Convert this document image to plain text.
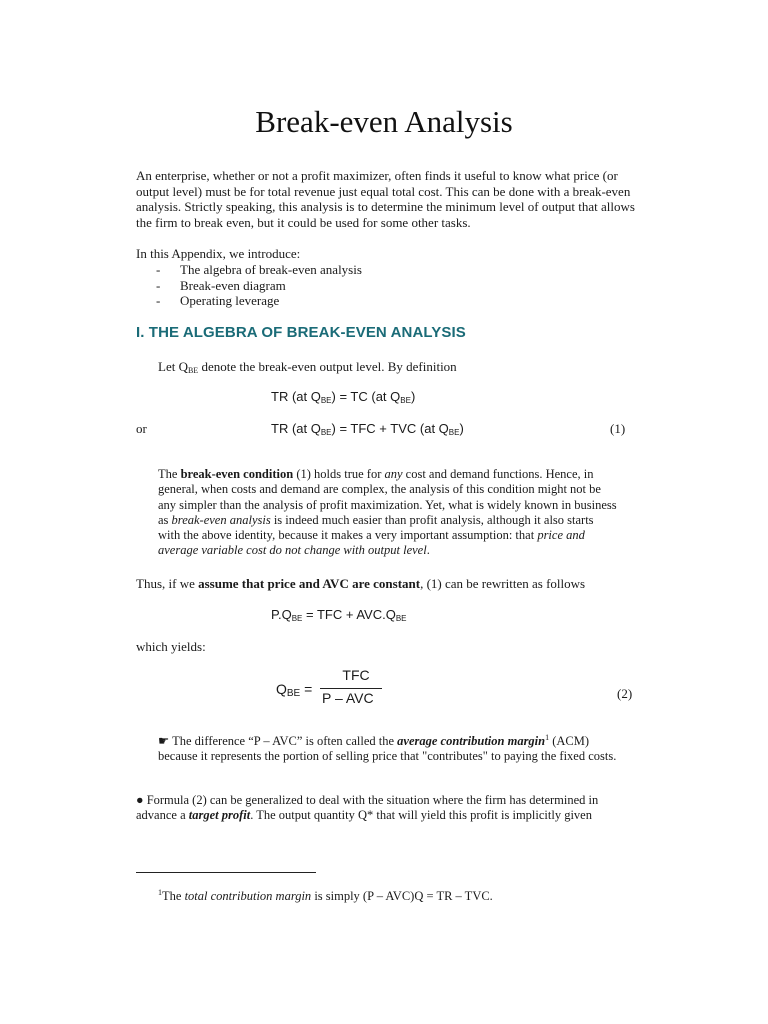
Break-even Analysis
An enterprise, whether or not a profit maximizer, often finds it useful to know what price (or output level) must be for total revenue just equal total cost. This can be done with a break-even analysis. Strictly speaking, this analysis is to determine the minimum level of output that allows the firm to break even, but it could be used for some other tasks.
In this Appendix, we introduce:
- The algebra of break-even analysis
- Break-even diagram
- Operating leverage
I. THE ALGEBRA OF BREAK-EVEN ANALYSIS
Let $Q_{BE}$ denote the break-even output level. By definition
TR (at $Q_{BE}$) = TC (at $Q_{BE}$)
or	TR (at $Q_{BE}$) = TFC + TVC (at $Q_{BE}$)	(1)
The break-even condition (1) holds true for any cost and demand functions. Hence, in general, when costs and demand are complex, the analysis of this condition might not be any simpler than the analysis of profit maximization. Yet, what is widely known in business as break-even analysis is indeed much easier than profit analysis, although it also starts with the above identity, because it makes a very important assumption: that price and average variable cost do not change with output level.
Thus, if we assume that price and AVC are constant, (1) can be rewritten as follows
$P.Q_{BE}$ = TFC + $AVC.Q_{BE}$
which yields:
$Q_{BE}$ =
TFC
P – AVC	(2)
☛ The difference “P – AVC” is often called the average contribution margin$^1$ (ACM) because it represents the portion of selling price that "contributes" to paying the fixed costs.
● Formula (2) can be generalized to deal with the situation where the firm has determined in advance a target profit. The output quantity Q* that will yield this profit is implicitly given
$^1$The total contribution margin is simply (P – AVC)Q = TR – TVC.
